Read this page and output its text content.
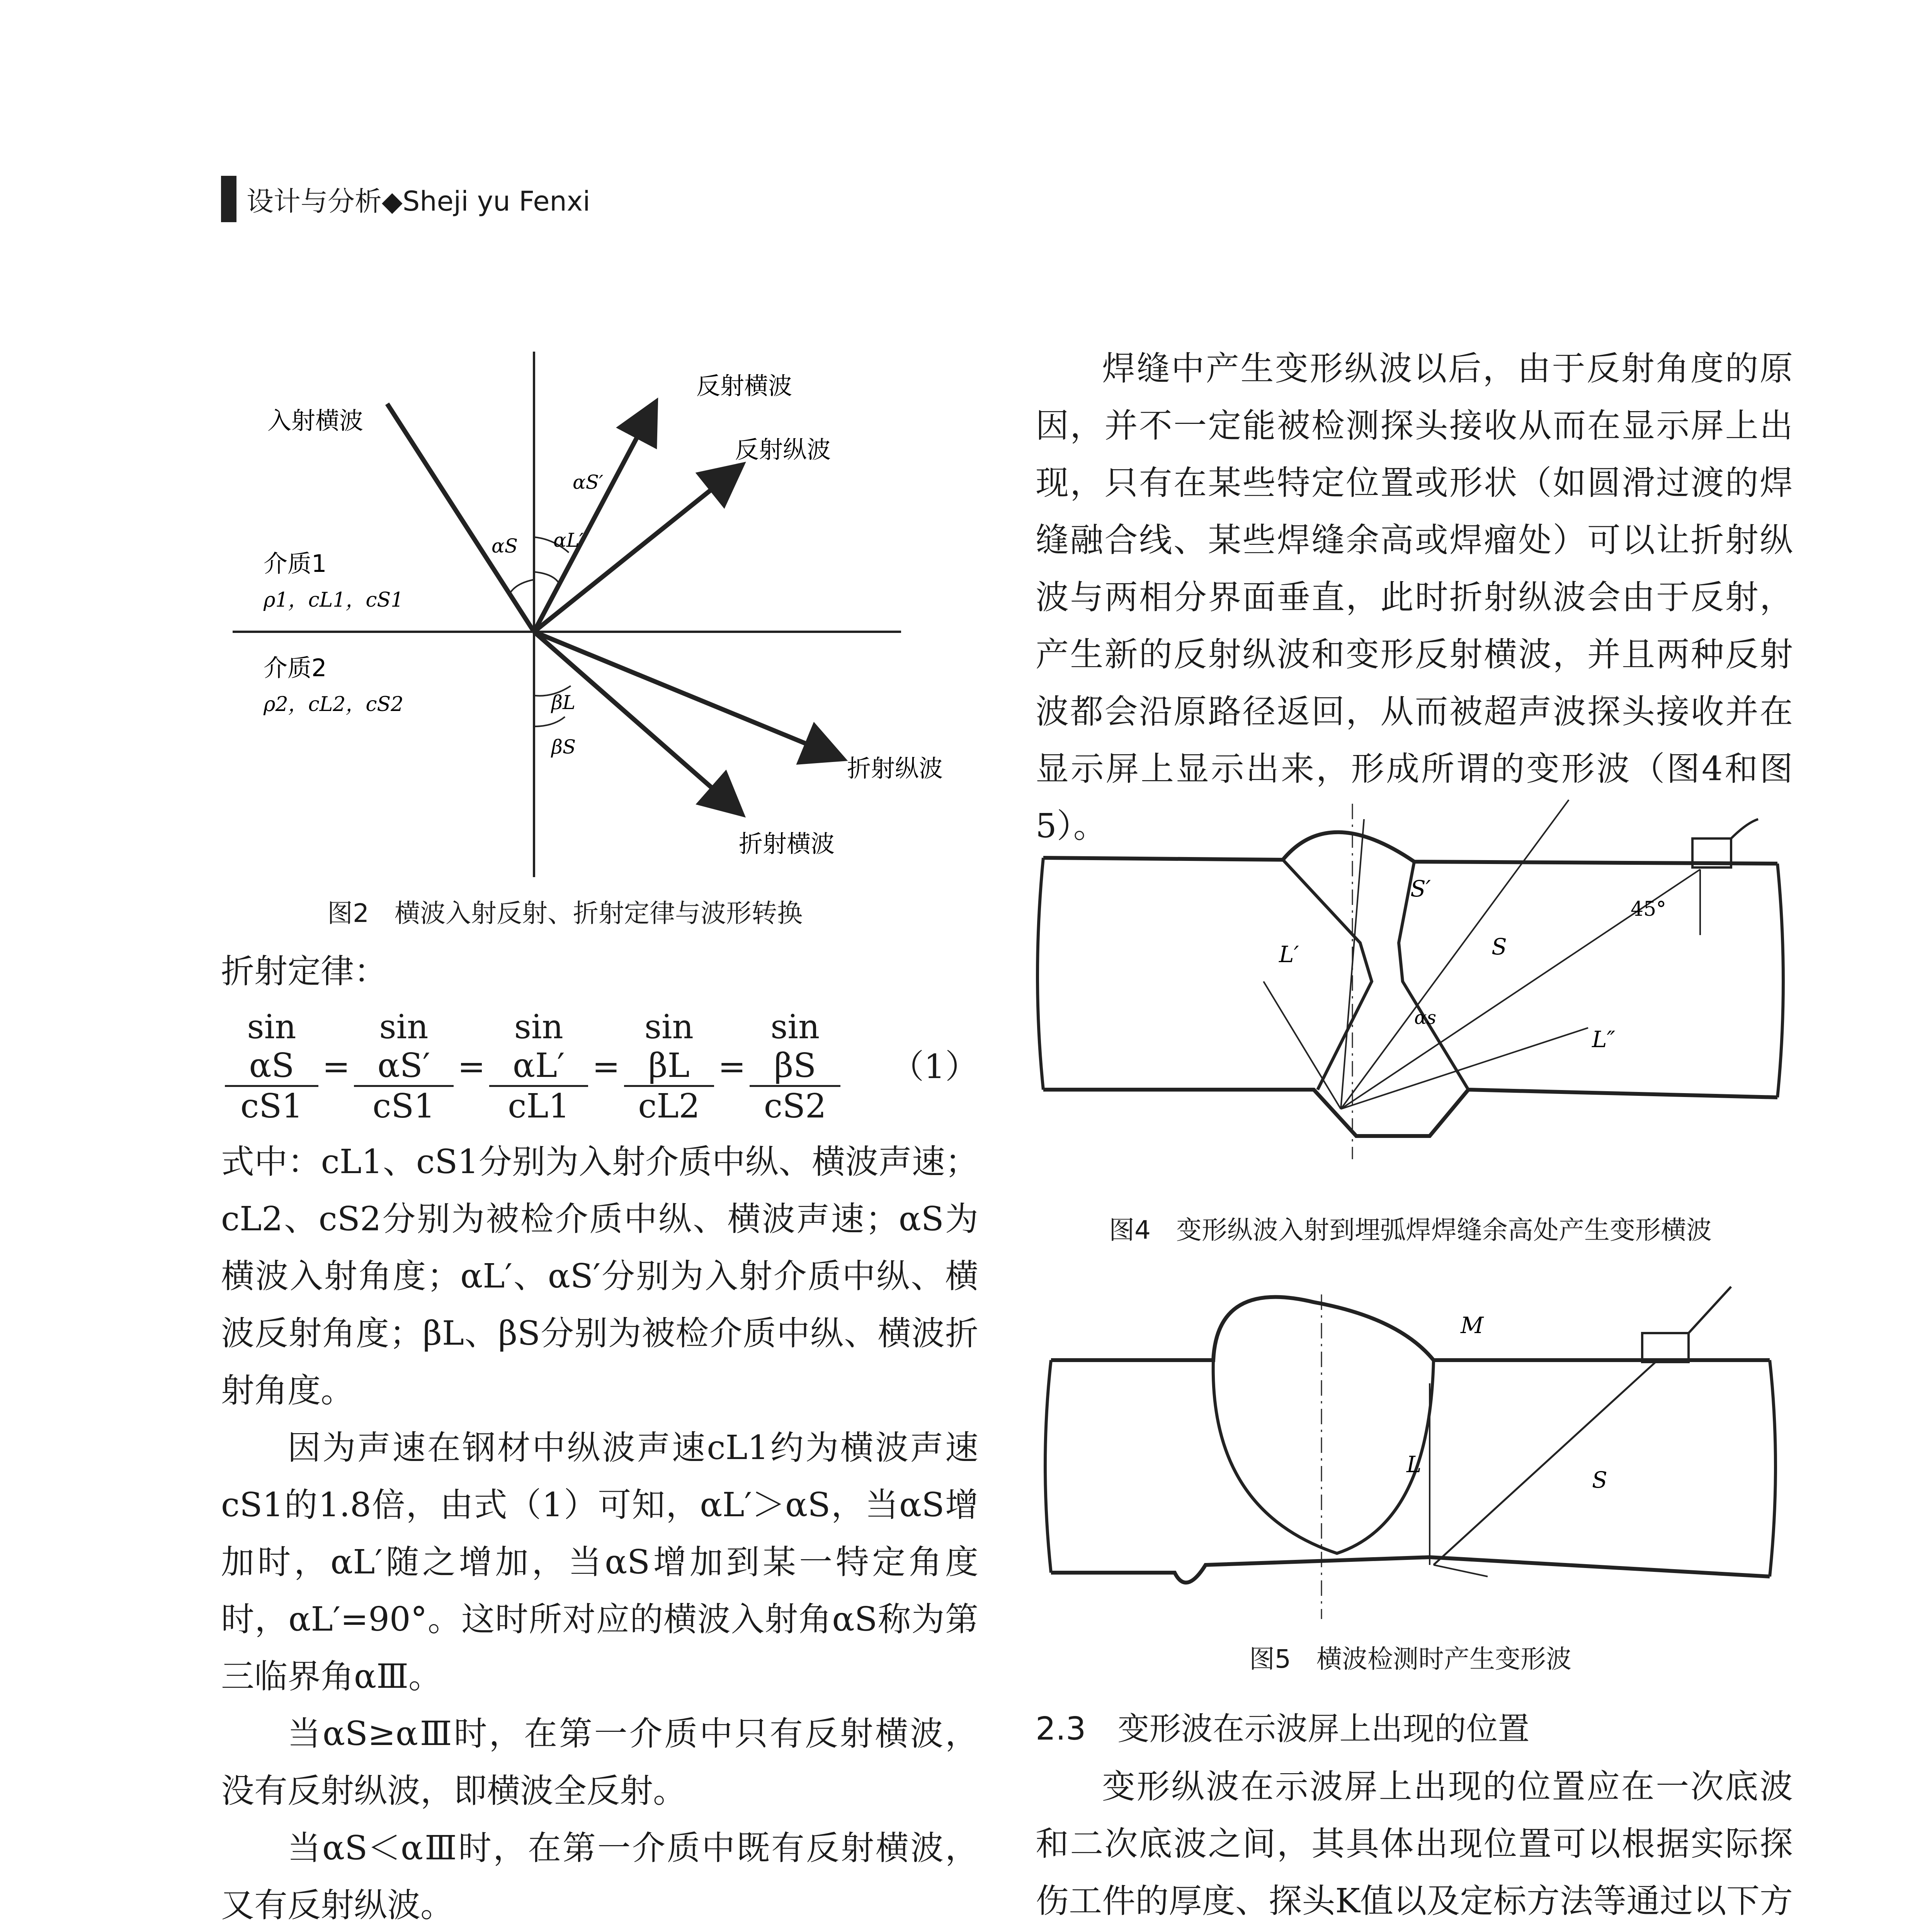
设计与分析◆Sheji yu Fenxi
入射横波
反射横波
反射纵波
介质1
ρ1，cL1，cS1
介质2
ρ2，cL2，cS2
折射纵波
折射横波
αS
αS′
αL′
βL
βS
图2　横波入射反射、折射定律与波形转换

折射定律：

$\frac{\text{sin αS}}{cS1} = \frac{\text{sin αS′}}{cS1} = \frac{\text{sin αL′}}{cL1} = \frac{\text{sin βL}}{cL2} = \frac{\text{sin βS}}{cS2} (1)$

式中：cL1、cS1分别为入射介质中纵、横波声速；cL2、cS2分别为被检介质中纵、横波声速；αS为横波入射角度；αL′、αS′分别为入射介质中纵、横波反射角度；βL、βS分别为被检介质中纵、横波折射角度。

因为声速在钢材中纵波声速cL1约为横波声速cS1的1.8倍，由式（1）可知，αL′＞αS，当αS增加时，αL′随之增加，当αS增加到某一特定角度时，αL′=90°。这时所对应的横波入射角αS称为第三临界角αⅢ。

当αS≥αⅢ时，在第一介质中只有反射横波，没有反射纵波，即横波全反射。

当αS＜αⅢ时，在第一介质中既有反射横波，又有反射纵波。

焊缝中产生变形纵波以后，由于反射角度的原因，并不一定能被检测探头接收从而在显示屏上出现，只有在某些特定位置或形状（如圆滑过渡的焊缝融合线、某些焊缝余高或焊瘤处）可以让折射纵波与两相分界面垂直，此时折射纵波会由于反射，产生新的反射纵波和变形反射横波，并且两种反射波都会沿原路径返回，从而被超声波探头接收并在显示屏上显示出来，形成所谓的变形波（图4和图5）。

S′
L′	S
45°
αs
L″
图4　变形纵波入射到埋弧焊焊缝余高处产生变形横波
M
L
S
图5　横波检测时产生变形波

2.3　变形波在示波屏上出现的位置

变形纵波在示波屏上出现的位置应在一次底波和二次底波之间，其具体出现位置可以根据实际探伤工件的厚度、探头K值以及定标方法等通过以下方
